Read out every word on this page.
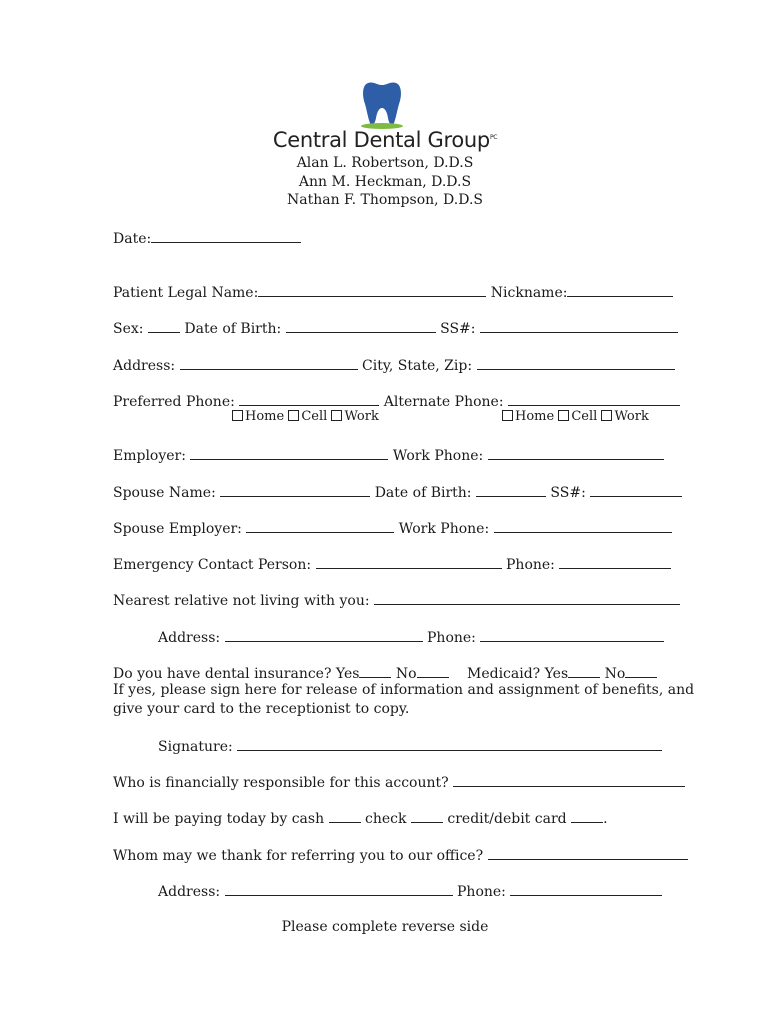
Central Dental Group$^{PC}$
Alan L. Robertson, D.D.S
Ann M. Heckman, D.D.S
Nathan F. Thompson, D.D.S
Date:
Patient Legal Name:	Nickname:
Sex:	Date of Birth:	SS#:
Address:	City, State, Zip:
Preferred Phone:	Alternate Phone:
Home Cell Work	Home Cell Work
Employer:	Work Phone:
Spouse Name:	Date of Birth:	SS#:
Spouse Employer:	Work Phone:
Emergency Contact Person:	Phone:
Nearest relative not living with you:
Address:	Phone:
Do you have dental insurance? Yes	No	Medicaid? Yes	No
If yes, please sign here for release of information and assignment of benefits, and
give your card to the receptionist to copy.
Signature:
Who is financially responsible for this account?
I will be paying today by cash	check	credit/debit card	.
Whom may we thank for referring you to our office?
Address:	Phone:
Please complete reverse side
